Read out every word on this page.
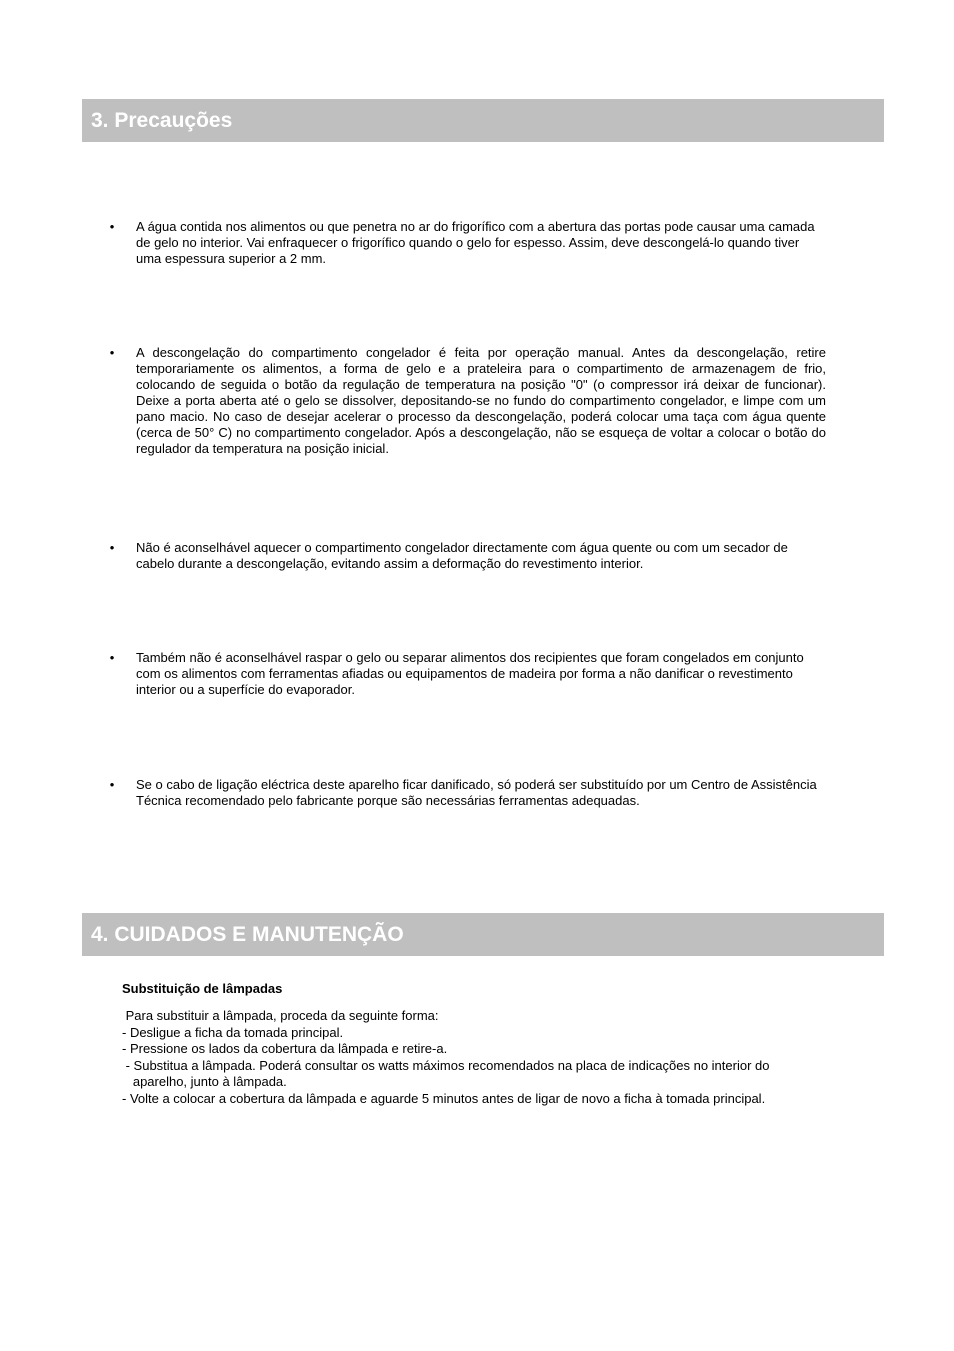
3. Precauções
• A água contida nos alimentos ou que penetra no ar do frigorífico com a abertura das portas pode causar uma camada de gelo no interior. Vai enfraquecer o frigorífico quando o gelo for espesso. Assim, deve descongelá-lo quando tiver uma espessura superior a 2 mm.
• A descongelação do compartimento congelador é feita por operação manual. Antes da descongelação, retire temporariamente os alimentos, a forma de gelo e a prateleira para o compartimento de armazenagem de frio, colocando de seguida o botão da regulação de temperatura na posição "0" (o compressor irá deixar de funcionar). Deixe a porta aberta até o gelo se dissolver, depositando-se no fundo do compartimento congelador, e limpe com um pano macio. No caso de desejar acelerar o processo da descongelação, poderá colocar uma taça com água quente (cerca de 50° C) no compartimento congelador. Após a descongelação, não se esqueça de voltar a colocar o botão do regulador da temperatura na posição inicial.
• Não é aconselhável aquecer o compartimento congelador directamente com água quente ou com um secador de cabelo durante a descongelação, evitando assim a deformação do revestimento interior.
• Também não é aconselhável raspar o gelo ou separar alimentos dos recipientes que foram congelados em conjunto com os alimentos com ferramentas afiadas ou equipamentos de madeira por forma a não danificar o revestimento interior ou a superfície do evaporador.
• Se o cabo de ligação eléctrica deste aparelho ficar danificado, só poderá ser substituído por um Centro de Assistência Técnica recomendado pelo fabricante porque são necessárias ferramentas adequadas.
4. CUIDADOS E MANUTENÇÃO
Substituição de lâmpadas
Para substituir a lâmpada, proceda da seguinte forma:
- Desligue a ficha da tomada principal.
- Pressione os lados da cobertura da lâmpada e retire-a.
- Substitua a lâmpada. Poderá consultar os watts máximos recomendados na placa de indicações no interior do
aparelho, junto à lâmpada.
- Volte a colocar a cobertura da lâmpada e aguarde 5 minutos antes de ligar de novo a ficha à tomada principal.
